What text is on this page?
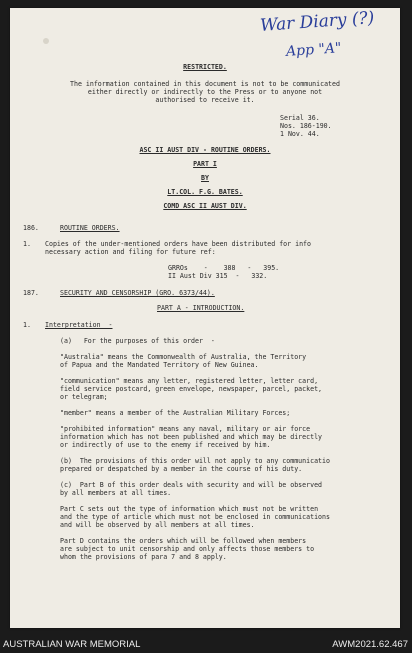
War Diary (?)
App "A"
RESTRICTED.
The information contained in this document is not to be communicated
either directly or indirectly to the Press or to anyone not
authorised to receive it.
Serial 36.
Nos. 186-190.
1 Nov. 44.
ASC II AUST DIV - ROUTINE ORDERS.
PART I
BY
LT.COL. F.G. BATES.
COMD ASC II AUST DIV.
186.	ROUTINE ORDERS.
1. Copies of the under-mentioned orders have been distributed for info
necessary action and filing for future ref:
GRROs    -    388   -   395.
II Aust Div 315  -   332.
187.	SECURITY AND CENSORSHIP (GRO. 6373/44).
PART A - INTRODUCTION.
1. Interpretation  -
(a)   For the purposes of this order  -
"Australia" means the Commonwealth of Australia, the Territory
of Papua and the Mandated Territory of New Guinea.
"communication" means any letter, registered letter, letter card,
field service postcard, green envelope, newspaper, parcel, packet,
or telegram;
"member" means a member of the Australian Military Forces;
"prohibited information" means any naval, military or air force
information which has not been published and which may be directly
or indirectly of use to the enemy if received by him.
(b)  The provisions of this order will not apply to any communicatio
prepared or despatched by a member in the course of his duty.
(c)  Part B of this order deals with security and will be observed
by all members at all times.
Part C sets out the type of information which must not be written
and the type of article which must not be enclosed in communications
and will be observed by all members at all times.
Part D contains the orders which will be followed when members
are subject to unit censorship and only affects those members to
whom the provisions of para 7 and 8 apply.
AUSTRALIAN WAR MEMORIAL	AWM2021.62.467
